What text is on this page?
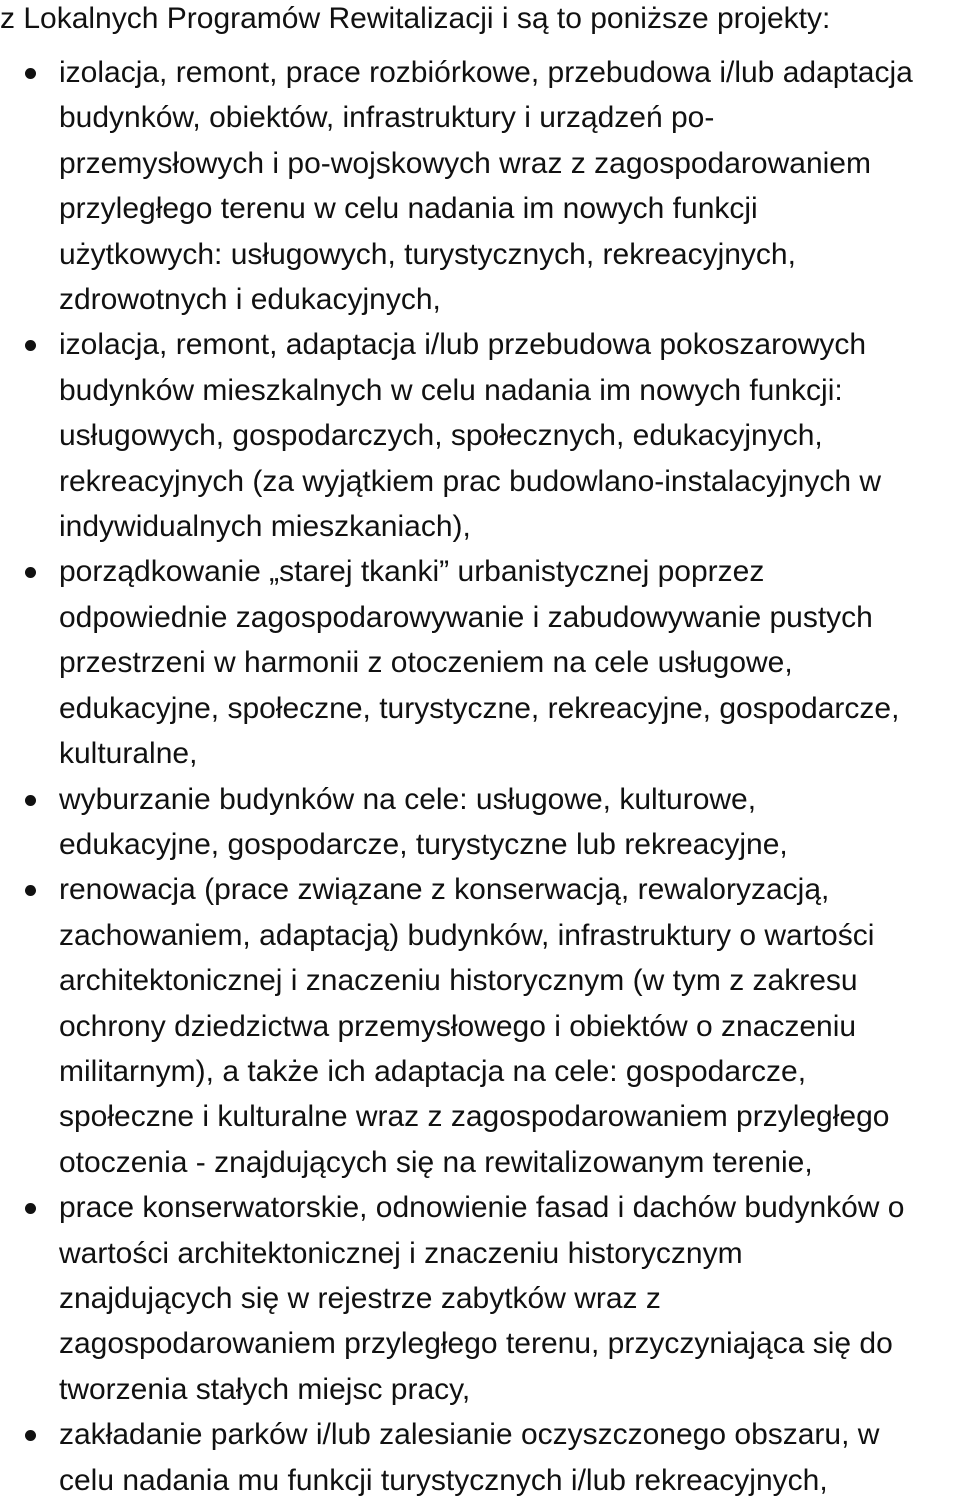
z Lokalnych Programów Rewitalizacji i są to poniższe projekty:

izolacja, remont, prace rozbiórkowe, przebudowa i/lub adaptacja
budynków, obiektów, infrastruktury i urządzeń po-
przemysłowych i po-wojskowych wraz z zagospodarowaniem
przyległego terenu w celu nadania im nowych funkcji
użytkowych: usługowych, turystycznych, rekreacyjnych,
zdrowotnych i edukacyjnych,
izolacja, remont, adaptacja i/lub przebudowa pokoszarowych
budynków mieszkalnych w celu nadania im nowych funkcji:
usługowych, gospodarczych, społecznych, edukacyjnych,
rekreacyjnych (za wyjątkiem prac budowlano-instalacyjnych w
indywidualnych mieszkaniach),
porządkowanie „starej tkanki” urbanistycznej poprzez
odpowiednie zagospodarowywanie i zabudowywanie pustych
przestrzeni w harmonii z otoczeniem na cele usługowe,
edukacyjne, społeczne, turystyczne, rekreacyjne, gospodarcze,
kulturalne,
wyburzanie budynków na cele: usługowe, kulturowe,
edukacyjne, gospodarcze, turystyczne lub rekreacyjne,
renowacja (prace związane z konserwacją, rewaloryzacją,
zachowaniem, adaptacją) budynków, infrastruktury o wartości
architektonicznej i znaczeniu historycznym (w tym z zakresu
ochrony dziedzictwa przemysłowego i obiektów o znaczeniu
militarnym), a także ich adaptacja na cele: gospodarcze,
społeczne i kulturalne wraz z zagospodarowaniem przyległego
otoczenia - znajdujących się na rewitalizowanym terenie,
prace konserwatorskie, odnowienie fasad i dachów budynków o
wartości architektonicznej i znaczeniu historycznym
znajdujących się w rejestrze zabytków wraz z
zagospodarowaniem przyległego terenu, przyczyniająca się do
tworzenia stałych miejsc pracy,
zakładanie parków i/lub zalesianie oczyszczonego obszaru, w
celu nadania mu funkcji turystycznych i/lub rekreacyjnych,
